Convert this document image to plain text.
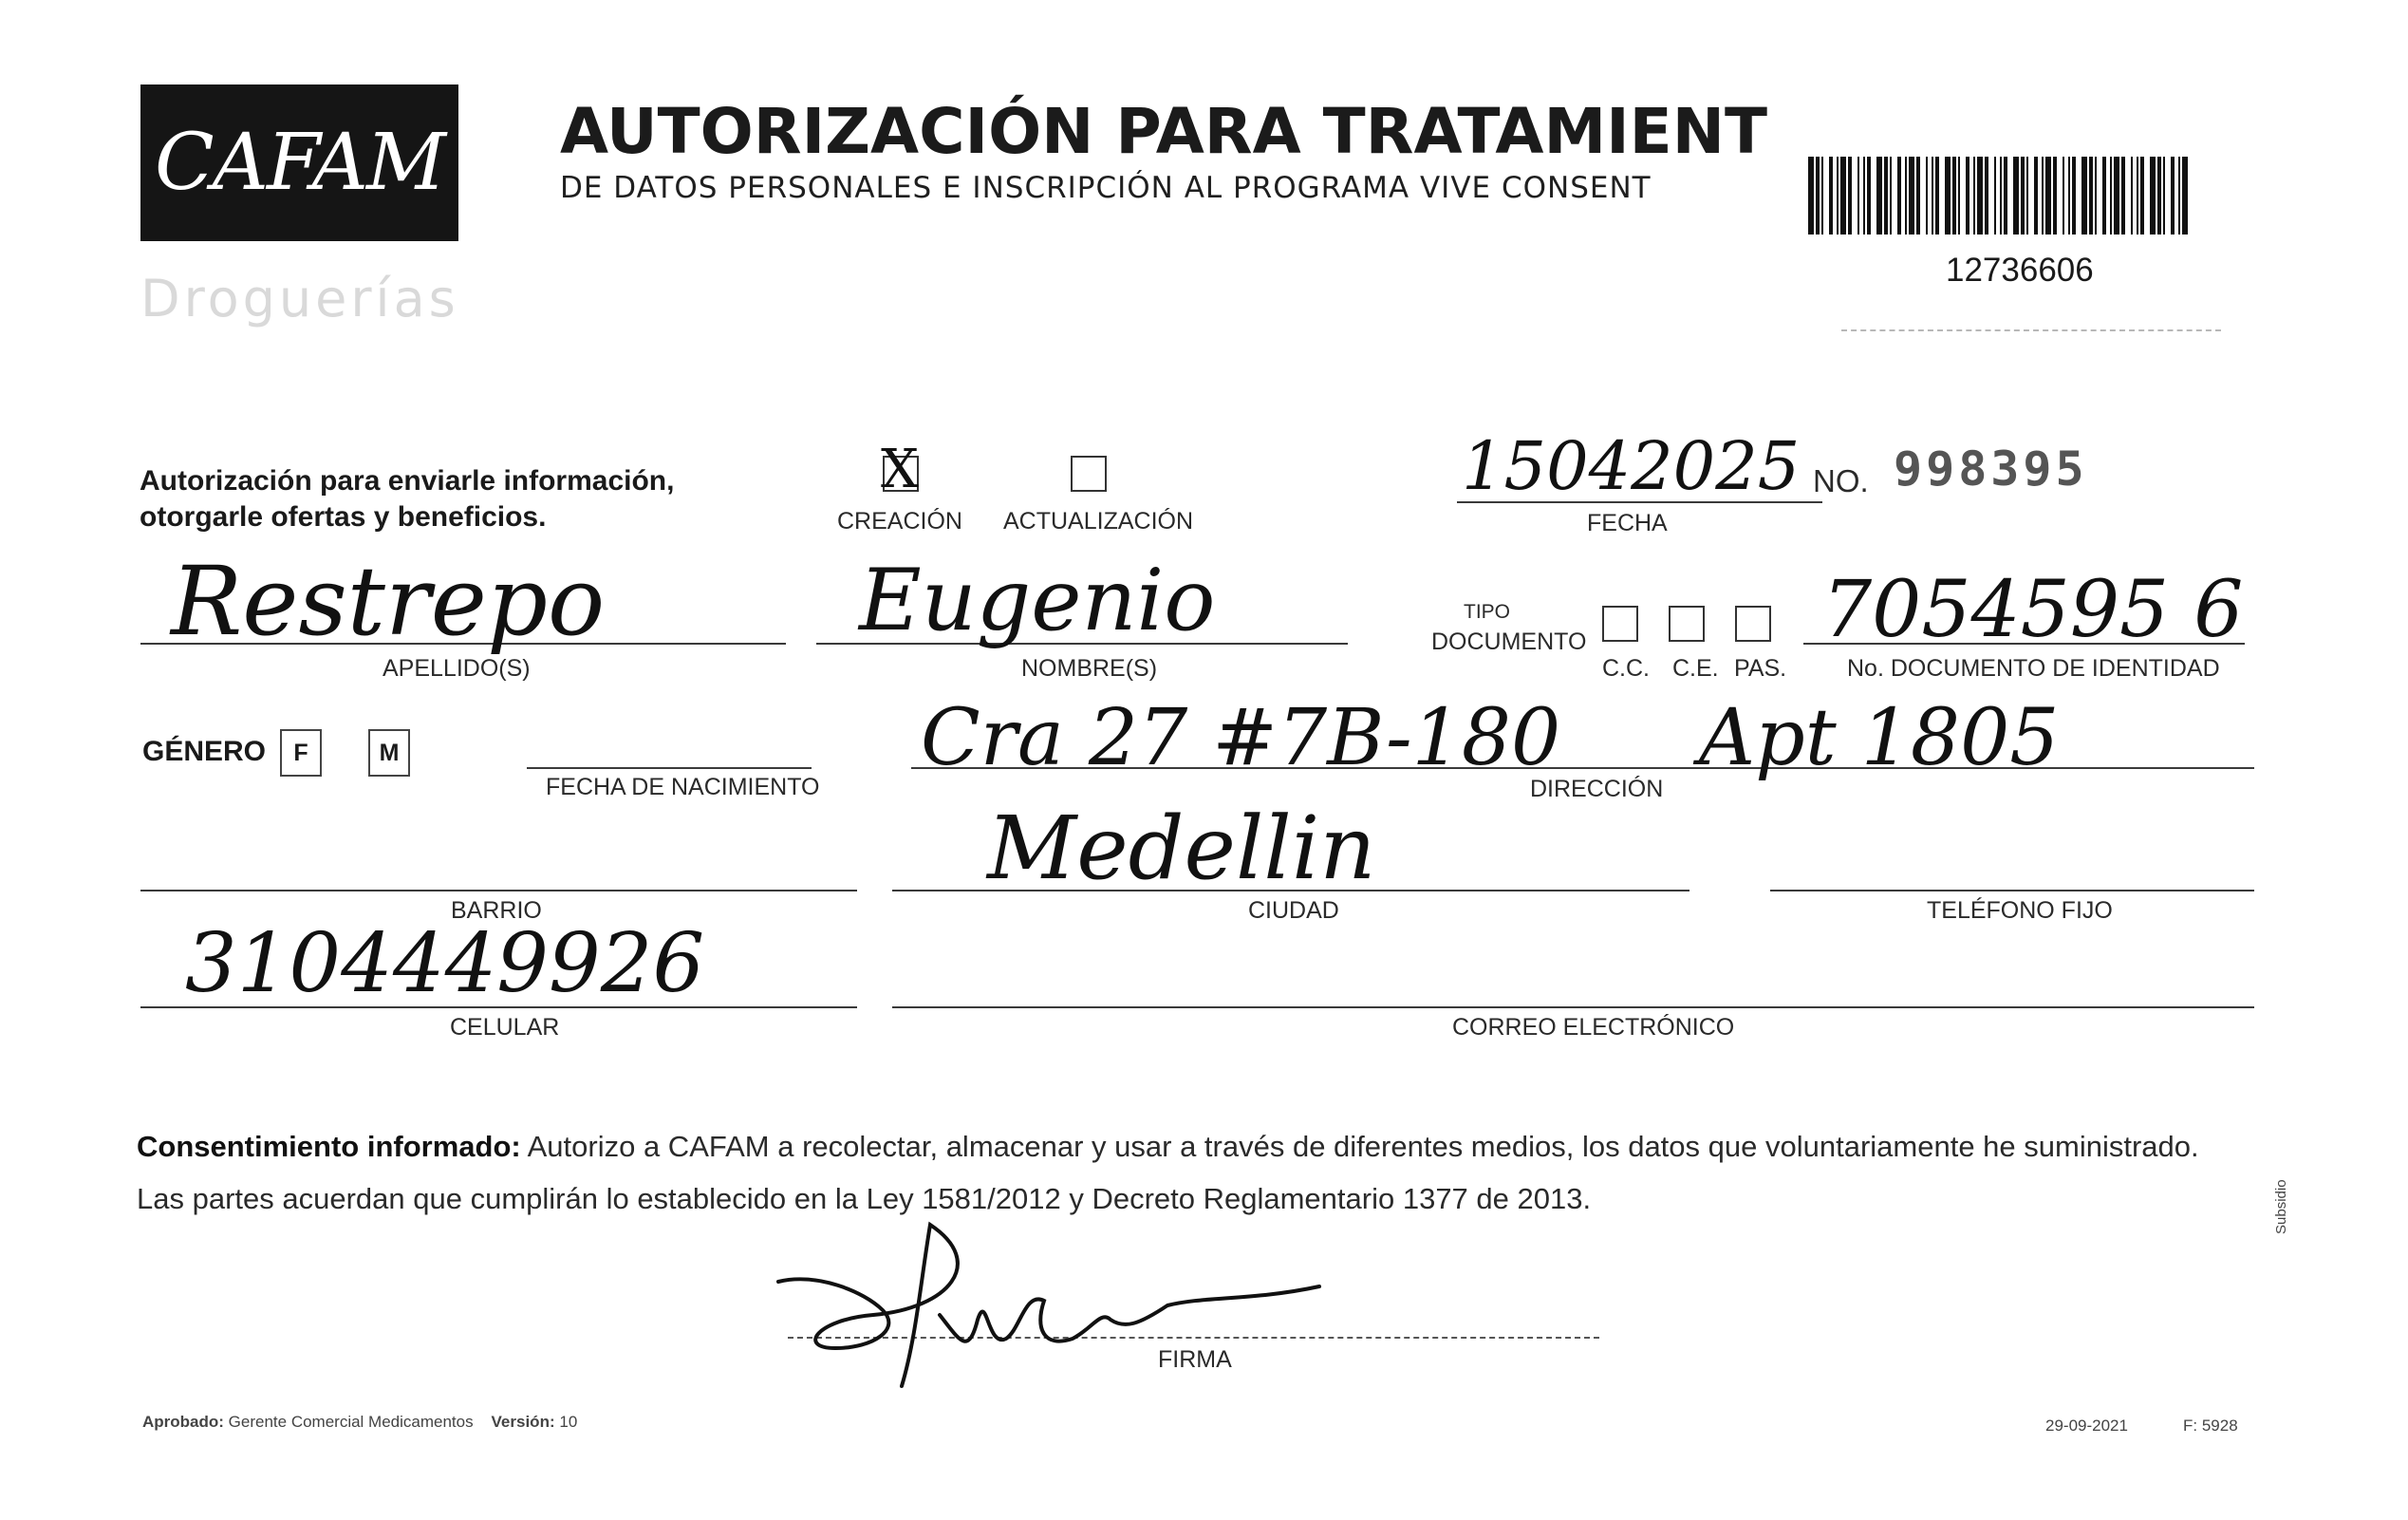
CAFAM
Droguerías
AUTORIZACIÓN PARA TRATAMIENT
DE DATOS PERSONALES E INSCRIPCIÓN AL PROGRAMA VIVE CONSENT
12736606
Autorización para enviarle información,
otorgarle ofertas y beneficios.
X
CREACIÓN ACTUALIZACIÓN
15042025
FECHA
NO. 998395
Restrepo
APELLIDO(S)
Eugenio
NOMBRE(S)
TIPO
DOCUMENTO
C.C. C.E. PAS.
7054595 6
No. DOCUMENTO DE IDENTIDAD
GÉNERO	F	M
FECHA DE NACIMIENTO
Cra 27 #7B-180 Apt 1805
DIRECCIÓN
BARRIO
Medellin
CIUDAD	TELÉFONO FIJO
3104449926
CELULAR	CORREO ELECTRÓNICO
Consentimiento informado: Autorizo a CAFAM a recolectar, almacenar y usar a través de diferentes medios, los datos que voluntariamente he suministrado.
Las partes acuerdan que cumplirán lo establecido en la Ley 1581/2012 y Decreto Reglamentario 1377 de 2013.
FIRMA
Aprobado: Gerente Comercial Medicamentos Versión: 10	29-09-2021	F: 5928
Subsidio
